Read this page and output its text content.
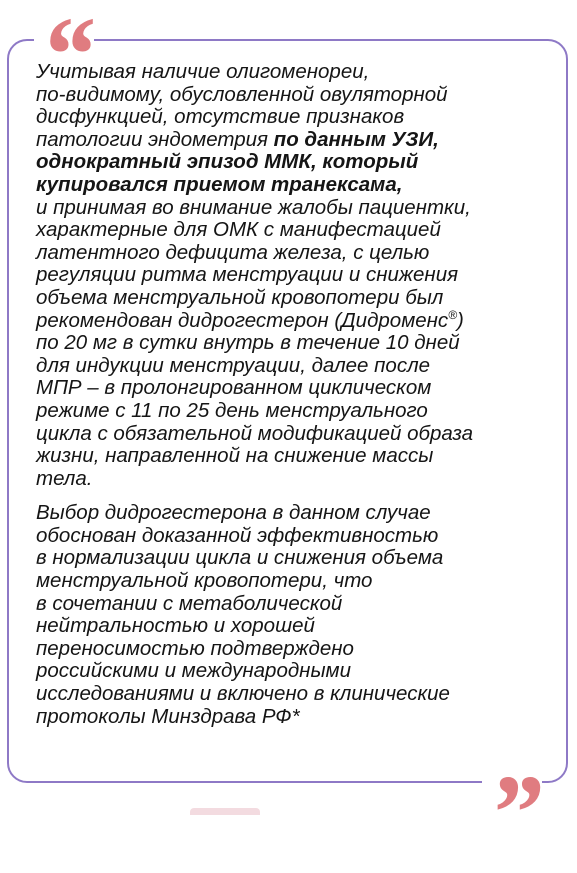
“

Учитывая наличие олигоменореи,
по-видимому, обусловленной овуляторной
дисфункцией, отсутствие признаков
патологии эндометрия по данным УЗИ,
однократный эпизод ММК, который
купировался приемом транексама,
и принимая во внимание жалобы пациентки,
характерные для ОМК с манифестацией
латентного дефицита железа, с целью
регуляции ритма менструации и снижения
объема менструальной кровопотери был
рекомендован дидрогестерон (Дидроменс®)
по 20 мг в сутки внутрь в течение 10 дней
для индукции менструации, далее после
МПР – в пролонгированном циклическом
режиме с 11 по 25 день менструального
цикла с обязательной модификацией образа
жизни, направленной на снижение массы
тела.

Выбор дидрогестерона в данном случае
обоснован доказанной эффективностью
в нормализации цикла и снижения объема
менструальной кровопотери, что
в сочетании с метаболической
нейтральностью и хорошей
переносимостью подтверждено
российскими и международными
исследованиями и включено в клинические
протоколы Минздрава РФ*

”
